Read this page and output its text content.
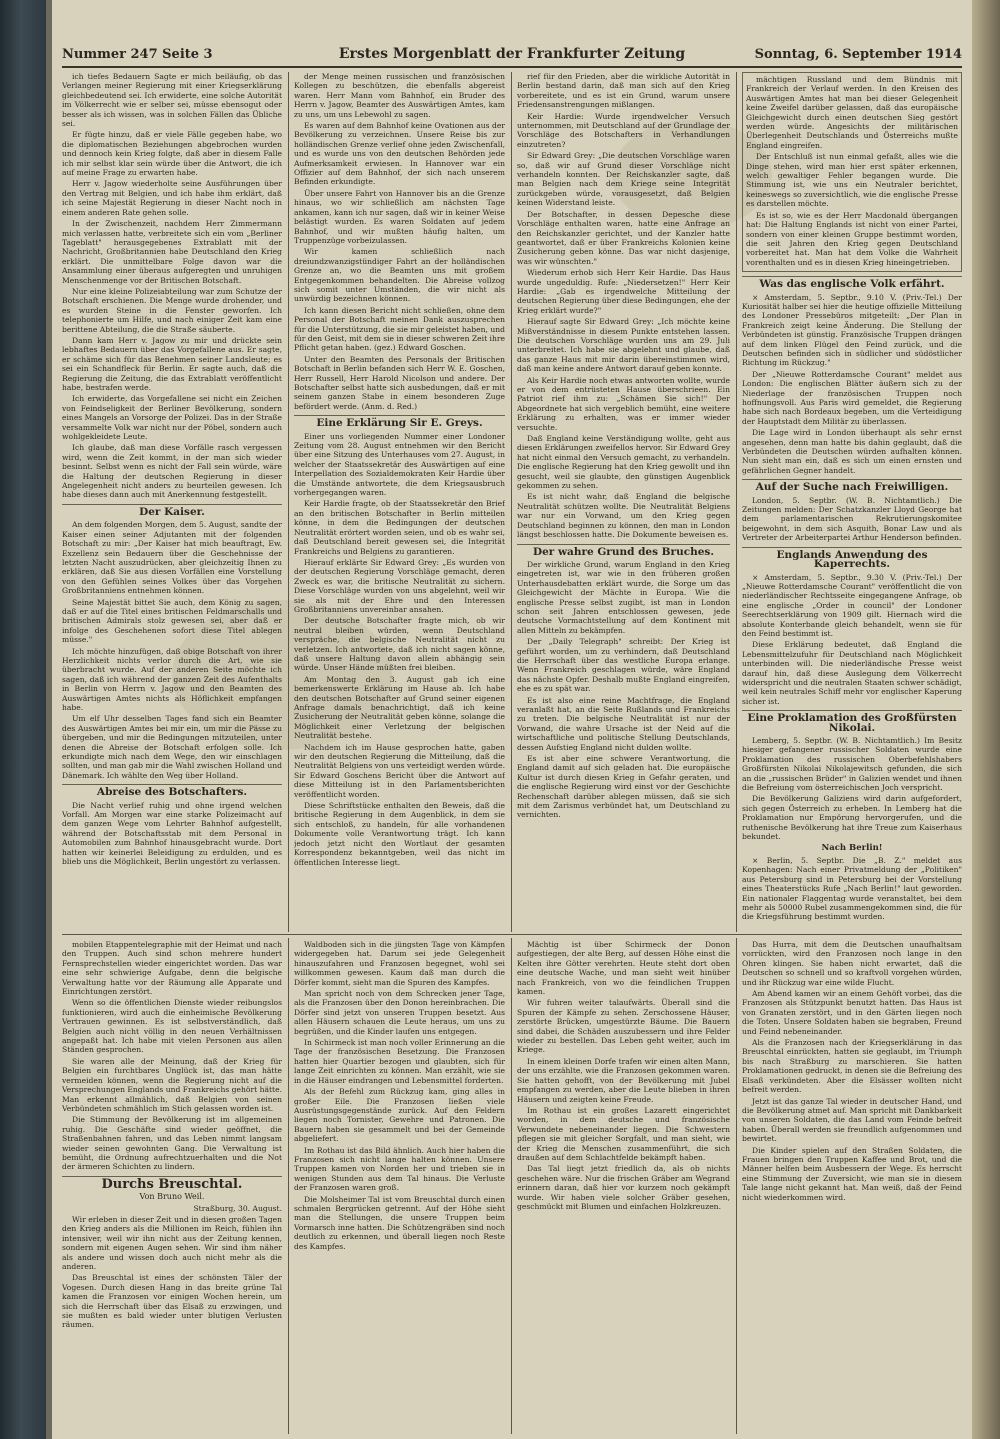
Nummer 247 Seite 3	Erstes Morgenblatt der Frankfurter Zeitung	Sonntag, 6. September 1914

ich tiefes Bedauern Sagte er mich beiläufig, ob das Verlangen meiner Regierung mit einer Kriegserklärung gleichbedeutend sei. Ich erwiderte, eine solche Autorität im Völkerrecht wie er selber sei, müsse ebensogut oder besser als ich wissen, was in solchen Fällen das Übliche sei.

Er fügte hinzu, daß er viele Fälle gegeben habe, wo die diplomatischen Beziehungen abgebrochen wurden und dennoch kein Krieg folgte, daß aber in diesem Falle ich mir selbst klar sein würde über die Antwort, die ich auf meine Frage zu erwarten habe.

Herr v. Jagow wiederholte seine Ausführungen über den Vertrag mit Belgien, und ich habe ihm erklärt, daß ich seine Majestät Regierung in dieser Nacht noch in einem anderen Rate gehen solle.

In der Zwischenzeit, nachdem Herr Zimmermann mich verlassen hatte, verbreitete sich ein vom „Berliner Tageblatt" herausgegebenes Extrablatt mit der Nachricht, Großbritannien habe Deutschland den Krieg erklärt. Die unmittelbare Folge davon war die Ansammlung einer überaus aufgeregten und unruhigen Menschenmenge vor der Britischen Botschaft.

Nur eine kleine Polizeiabteilung war zum Schutze der Botschaft erschienen. Die Menge wurde drohender, und es wurden Steine in die Fenster geworfen. Ich telephonierte um Hilfe, und nach einiger Zeit kam eine berittene Abteilung, die die Straße säuberte.

Dann kam Herr v. Jagow zu mir und drückte sein lebhaftes Bedauern über das Vorgefallene aus. Er sagte, er schäme sich für das Benehmen seiner Landsleute; es sei ein Schandfleck für Berlin. Er sagte auch, daß die Regierung die Zeitung, die das Extrablatt veröffentlicht habe, bestrafen werde.

Ich erwiderte, das Vorgefallene sei nicht ein Zeichen von Feindseligkeit der Berliner Bevölkerung, sondern eines Mangels an Vorsorge der Polizei. Das in der Straße versammelte Volk war nicht nur der Pöbel, sondern auch wohlgekleidete Leute.

Ich glaube, daß man diese Vorfälle rasch vergessen wird, wenn die Zeit kommt, in der man sich wieder besinnt. Selbst wenn es nicht der Fall sein würde, wäre die Haltung der deutschen Regierung in dieser Angelegenheit nicht anders zu beurteilen gewesen. Ich habe dieses dann auch mit Anerkennung festgestellt.

Der Kaiser.

An dem folgenden Morgen, dem 5. August, sandte der Kaiser einen seiner Adjutanten mit der folgenden Botschaft zu mir: „Der Kaiser hat mich beauftragt, Ew. Exzellenz sein Bedauern über die Geschehnisse der letzten Nacht auszudrücken, aber gleichzeitig Ihnen zu erklären, daß Sie aus diesen Vorfällen eine Vorstellung von den Gefühlen seines Volkes über das Vorgehen Großbritanniens entnehmen können.

Seine Majestät bittet Sie auch, dem König zu sagen, daß er auf die Titel eines britischen Feldmarschalls und britischen Admirals stolz gewesen sei, aber daß er infolge des Geschehenen sofort diese Titel ablegen müsse."

Ich möchte hinzufügen, daß obige Botschaft von ihrer Herzlichkeit nichts verlor durch die Art, wie sie überbracht wurde. Auf der anderen Seite möchte ich sagen, daß ich während der ganzen Zeit des Aufenthalts in Berlin von Herrn v. Jagow und den Beamten des Auswärtigen Amtes nichts als Höflichkeit empfangen habe.

Um elf Uhr desselben Tages fand sich ein Beamter des Auswärtigen Amtes bei mir ein, um mir die Pässe zu übergeben, und mir die Bedingungen mitzuteilen, unter denen die Abreise der Botschaft erfolgen solle. Ich erkundigte mich nach dem Wege, den wir einschlagen sollten, und man gab mir die Wahl zwischen Holland und Dänemark. Ich wählte den Weg über Holland.

Abreise des Botschafters.

Die Nacht verlief ruhig und ohne irgend welchen Vorfall. Am Morgen war eine starke Polizeimacht auf dem ganzen Wege vom Lehrter Bahnhof aufgestellt, während der Botschaftsstab mit dem Personal in Automobilen zum Bahnhof hinausgebracht wurde. Dort hatten wir keinerlei Beleidigung zu erdulden, und es blieb uns die Möglichkeit, Berlin ungestört zu verlassen.

der Menge meinen russischen und französischen Kollegen zu beschützen, die ebenfalls abgereist waren. Herr Mann vom Bahnhof, ein Bruder des Herrn v. Jagow, Beamter des Auswärtigen Amtes, kam zu uns, um uns Lebewohl zu sagen.

Es waren auf dem Bahnhof keine Ovationen aus der Bevölkerung zu verzeichnen. Unsere Reise bis zur holländischen Grenze verlief ohne jeden Zwischenfall, und es wurde uns von den deutschen Behörden jede Aufmerksamkeit erwiesen. In Hannover war ein Offizier auf dem Bahnhof, der sich nach unserem Befinden erkundigte.

Über unsere Fahrt von Hannover bis an die Grenze hinaus, wo wir schließlich am nächsten Tage ankamen, kann ich nur sagen, daß wir in keiner Weise belästigt wurden. Es waren Soldaten auf jedem Bahnhof, und wir mußten häufig halten, um Truppenzüge vorbeizulassen.

Wir kamen schließlich nach dreiundzwanzigstündiger Fahrt an der holländischen Grenze an, wo die Beamten uns mit großem Entgegenkommen behandelten. Die Abreise vollzog sich somit unter Umständen, die wir nicht als unwürdig bezeichnen können.

Ich kann diesen Bericht nicht schließen, ohne dem Personal der Botschaft meinen Dank auszusprechen für die Unterstützung, die sie mir geleistet haben, und für den Geist, mit dem sie in dieser schweren Zeit ihre Pflicht getan haben. (gez.) Edward Goschen.

Unter den Beamten des Personals der Britischen Botschaft in Berlin befanden sich Herr W. E. Goschen, Herr Russell, Herr Harold Nicolson und andere. Der Botschafter selbst hatte sich ausbedungen, daß er mit seinem ganzen Stabe in einem besonderen Zuge befördert werde. (Anm. d. Red.)

Eine Erklärung Sir E. Greys.

Einer uns vorliegenden Nummer einer Londoner Zeitung vom 28. August entnehmen wir den Bericht über eine Sitzung des Unterhauses vom 27. August, in welcher der Staatssekretär des Auswärtigen auf eine Interpellation des Sozialdemokraten Keir Hardie über die Umstände antwortete, die dem Kriegsausbruch vorhergegangen waren.

Keir Hardie fragte, ob der Staatssekretär den Brief an den britischen Botschafter in Berlin mitteilen könne, in dem die Bedingungen der deutschen Neutralität erörtert worden seien, und ob es wahr sei, daß Deutschland bereit gewesen sei, die Integrität Frankreichs und Belgiens zu garantieren.

Hierauf erklärte Sir Edward Grey: „Es wurden von der deutschen Regierung Vorschläge gemacht, deren Zweck es war, die britische Neutralität zu sichern. Diese Vorschläge wurden von uns abgelehnt, weil wir sie als mit der Ehre und den Interessen Großbritanniens unvereinbar ansahen.

Der deutsche Botschafter fragte mich, ob wir neutral bleiben würden, wenn Deutschland verspräche, die belgische Neutralität nicht zu verletzen. Ich antwortete, daß ich nicht sagen könne, daß unsere Haltung davon allein abhängig sein würde. Unser Hände müßten frei bleiben.

Am Montag den 3. August gab ich eine bemerkenswerte Erklärung im Hause ab. Ich habe den deutschen Botschafter auf Grund seiner eigenen Anfrage damals benachrichtigt, daß ich keine Zusicherung der Neutralität geben könne, solange die Möglichkeit einer Verletzung der belgischen Neutralität bestehe.

Nachdem ich im Hause gesprochen hatte, gaben wir den deutschen Regierung die Mitteilung, daß die Neutralität Belgiens von uns verteidigt werden würde. Sir Edward Goschens Bericht über die Antwort auf diese Mitteilung ist in den Parlamentsberichten veröffentlicht worden.

Diese Schriftstücke enthalten den Beweis, daß die britische Regierung in dem Augenblick, in dem sie sich entschloß, zu handeln, für alle vorhandenen Dokumente volle Verantwortung trägt. Ich kann jedoch jetzt nicht den Wortlaut der gesamten Korrespondenz bekanntgeben, weil das nicht im öffentlichen Interesse liegt.

rief für den Frieden, aber die wirkliche Autorität in Berlin bestand darin, daß man sich auf den Krieg vorbereitete, und es ist ein Grund, warum unsere Friedensanstrengungen mißlangen.

Keir Hardie: Wurde irgendwelcher Versuch unternommen, mit Deutschland auf der Grundlage der Vorschläge des Botschafters in Verhandlungen einzutreten?

Sir Edward Grey: „Die deutschen Vorschläge waren so, daß wir auf Grund dieser Vorschläge nicht verhandeln konnten. Der Reichskanzler sagte, daß man Belgien nach dem Kriege seine Integrität zurückgeben würde, vorausgesetzt, daß Belgien keinen Widerstand leiste.

Der Botschafter, in dessen Depesche diese Vorschläge enthalten waren, hatte eine Anfrage an den Reichskanzler gerichtet, und der Kanzler hatte geantwortet, daß er über Frankreichs Kolonien keine Zusicherung geben könne. Das war nicht dasjenige, was wir wünschten."

Wiederum erhob sich Herr Keir Hardie. Das Haus wurde ungeduldig. Rufe: „Niedersetzen!" Herr Keir Hardie: „Gab es irgendwelche Mitteilung der deutschen Regierung über diese Bedingungen, ehe der Krieg erklärt wurde?"

Hierauf sagte Sir Edward Grey: „Ich möchte keine Mißverständnisse in diesem Punkte entstehen lassen. Die deutschen Vorschläge wurden uns am 29. Juli unterbreitet. Ich habe sie abgelehnt und glaube, daß das ganze Haus mit mir darin übereinstimmen wird, daß man keine andere Antwort darauf geben konnte.

Als Keir Hardie noch etwas antworten wollte, wurde er von dem entrüsteten Hause überschrieen. Ein Patriot rief ihm zu: „Schämen Sie sich!" Der Abgeordnete hat sich vergeblich bemüht, eine weitere Erklärung zu erhalten, was er immer wieder versuchte.

Daß England keine Verständigung wollte, geht aus diesen Erklärungen zweifellos hervor. Sir Edward Grey hat nicht einmal den Versuch gemacht, zu verhandeln. Die englische Regierung hat den Krieg gewollt und ihn gesucht, weil sie glaubte, den günstigen Augenblick gekommen zu sehen.

Es ist nicht wahr, daß England die belgische Neutralität schützen wollte. Die Neutralität Belgiens war nur ein Vorwand, um den Krieg gegen Deutschland beginnen zu können, den man in London längst beschlossen hatte. Die Dokumente beweisen es.

Der wahre Grund des Bruches.

Der wirkliche Grund, warum England in den Krieg eingetreten ist, war wie in den früheren großen Unterhausdebatten erklärt wurde, die Sorge um das Gleichgewicht der Mächte in Europa. Wie die englische Presse selbst zugibt, ist man in London schon seit Jahren entschlossen gewesen, jede deutsche Vormachtstellung auf dem Kontinent mit allen Mitteln zu bekämpfen.

Der „Daily Telegraph" schreibt: Der Krieg ist geführt worden, um zu verhindern, daß Deutschland die Herrschaft über das westliche Europa erlange. Wenn Frankreich geschlagen würde, wäre England das nächste Opfer. Deshalb mußte England eingreifen, ehe es zu spät war.

Es ist also eine reine Machtfrage, die England veranlaßt hat, an die Seite Rußlands und Frankreichs zu treten. Die belgische Neutralität ist nur der Vorwand, die wahre Ursache ist der Neid auf die wirtschaftliche und politische Stellung Deutschlands, dessen Aufstieg England nicht dulden wollte.

Es ist aber eine schwere Verantwortung, die England damit auf sich geladen hat. Die europäische Kultur ist durch diesen Krieg in Gefahr geraten, und die englische Regierung wird einst vor der Geschichte Rechenschaft darüber ablegen müssen, daß sie sich mit dem Zarismus verbündet hat, um Deutschland zu vernichten.

mächtigen Russland und dem Bündnis mit Frankreich der Verlauf werden. In den Kreisen des Auswärtigen Amtes hat man bei dieser Gelegenheit keine Zweifel darüber gelassen, daß das europäische Gleichgewicht durch einen deutschen Sieg gestört werden würde. Angesichts der militärischen Überlegenheit Deutschlands und Österreichs mußte England eingreifen.

Der Entschluß ist nun einmal gefaßt, alles wie die Dinge stehen, wird man hier erst später erkennen, welch gewaltiger Fehler begangen wurde. Die Stimmung ist, wie uns ein Neutraler berichtet, keineswegs so zuversichtlich, wie die englische Presse es darstellen möchte.

Es ist so, wie es der Herr Macdonald übergangen hat: Die Haltung Englands ist nicht von einer Partei, sondern von einer kleinen Gruppe bestimmt worden, die seit Jahren den Krieg gegen Deutschland vorbereitet hat. Man hat dem Volke die Wahrheit vorenthalten und es in diesen Krieg hineingetrieben.

Was das englische Volk erfährt.

× Amsterdam, 5. Septbr., 9.10 V. (Priv.-Tel.) Der Kuriosität halber sei hier die heutige offizielle Mitteilung des Londoner Pressebüros mitgeteilt: „Der Plan in Frankreich zeigt keine Änderung. Die Stellung der Verbündeten ist günstig. Französische Truppen drängen auf dem linken Flügel den Feind zurück, und die Deutschen befinden sich in südlicher und südöstlicher Richtung im Rückzug."

Der „Nieuwe Rotterdamsche Courant" meldet aus London: Die englischen Blätter äußern sich zu der Niederlage der französischen Truppen noch hoffnungsvoll. Aus Paris wird gemeldet, die Regierung habe sich nach Bordeaux begeben, um die Verteidigung der Hauptstadt dem Militär zu überlassen.

Die Lage wird in London überhaupt als sehr ernst angesehen, denn man hatte bis dahin geglaubt, daß die Verbündeten die Deutschen würden aufhalten können. Nun sieht man ein, daß es sich um einen ernsten und gefährlichen Gegner handelt.

Auf der Suche nach Freiwilligen.

London, 5. Septbr. (W. B. Nichtamtlich.) Die Zeitungen melden: Der Schatzkanzler Lloyd George hat dem parlamentarischen Rekrutierungskomitee beigewohnt, in dem sich Asquith, Bonar Law und als Vertreter der Arbeiterpartei Arthur Henderson befinden.

Englands Anwendung des Kaperrechts.

× Amsterdam, 5. Septbr., 9.30 V. (Priv.-Tel.) Der „Nieuwe Rotterdamsche Courant" veröffentlicht die von niederländischer Rechtsseite eingegangene Anfrage, ob eine englische „Order in council" der Londoner Seerechtserklärung von 1909 gilt. Hiernach wird die absolute Konterbande gleich behandelt, wenn sie für den Feind bestimmt ist.

Diese Erklärung bedeutet, daß England die Lebensmittelzufuhr für Deutschland nach Möglichkeit unterbinden will. Die niederländische Presse weist darauf hin, daß diese Auslegung dem Völkerrecht widerspricht und die neutralen Staaten schwer schädigt, weil kein neutrales Schiff mehr vor englischer Kaperung sicher ist.

Eine Proklamation des Großfürsten Nikolai.

Lemberg, 5. Septbr. (W. B. Nichtamtlich.) Im Besitz hiesiger gefangener russischer Soldaten wurde eine Proklamation des russischen Oberbefehlshabers Großfürsten Nikolai Nikolajewitsch gefunden, die sich an die „russischen Brüder" in Galizien wendet und ihnen die Befreiung vom österreichischen Joch verspricht.

Die Bevölkerung Galiziens wird darin aufgefordert, sich gegen Österreich zu erheben. In Lemberg hat die Proklamation nur Empörung hervorgerufen, und die ruthenische Bevölkerung hat ihre Treue zum Kaiserhaus bekundet.

Nach Berlin!

× Berlin, 5. Septbr. Die „B. Z." meldet aus Kopenhagen: Nach einer Privatmeldung der „Politiken" aus Petersburg sind in Petersburg bei der Vorstellung eines Theaterstücks Rufe „Nach Berlin!" laut geworden. Ein nationaler Flaggentag wurde veranstaltet, bei dem mehr als 50000 Rubel zusammengekommen sind, die für die Kriegsführung bestimmt wurden.

mobilen Etappentelegraphie mit der Heimat und nach den Truppen. Auch sind schon mehrere hundert Fernsprechstellen wieder eingerichtet worden. Das war eine sehr schwierige Aufgabe, denn die belgische Verwaltung hatte vor der Räumung alle Apparate und Einrichtungen zerstört.

Wenn so die öffentlichen Dienste wieder reibungslos funktionieren, wird auch die einheimische Bevölkerung Vertrauen gewinnen. Es ist selbstverständlich, daß Belgien auch nicht völlig in den neuen Verhältnissen angepaßt hat. Ich habe mit vielen Personen aus allen Ständen gesprochen.

Sie waren alle der Meinung, daß der Krieg für Belgien ein furchtbares Unglück ist, das man hätte vermeiden können, wenn die Regierung nicht auf die Versprechungen Englands und Frankreichs gehört hätte. Man erkennt allmählich, daß Belgien von seinen Verbündeten schmählich im Stich gelassen worden ist.

Die Stimmung der Bevölkerung ist im allgemeinen ruhig. Die Geschäfte sind wieder geöffnet, die Straßenbahnen fahren, und das Leben nimmt langsam wieder seinen gewohnten Gang. Die Verwaltung ist bemüht, die Ordnung aufrechtzuerhalten und die Not der ärmeren Schichten zu lindern.

Durchs Breuschtal.
Von Bruno Weil.
Straßburg, 30. August.

Wir erleben in dieser Zeit und in diesen großen Tagen den Krieg anders als die Millionen im Reich, fühlen ihn intensiver, weil wir ihn nicht aus der Zeitung kennen, sondern mit eigenen Augen sehen. Wir sind ihm näher als andere und wissen doch auch nicht mehr als die anderen.

Das Breuschtal ist eines der schönsten Täler der Vogesen. Durch diesen Hang in das breite grüne Tal kamen die Franzosen vor einigen Wochen herein, um sich die Herrschaft über das Elsaß zu erzwingen, und sie mußten es bald wieder unter blutigen Verlusten räumen.

Waldboden sich in die jüngsten Tage von Kämpfen widergegeben hat. Darum sei jede Gelegenheit hinauszufahren und Franzosen begegnet, wohl sei willkommen gewesen. Kaum daß man durch die Dörfer kommt, sieht man die Spuren des Kampfes.

Man spricht noch von dem Schrecken jener Tage, als die Franzosen über den Donon hereinbrachen. Die Dörfer sind jetzt von unseren Truppen besetzt. Aus allen Häusern schauen die Leute heraus, um uns zu begrüßen, und die Kinder laufen uns entgegen.

In Schirmeck ist man noch voller Erinnerung an die Tage der französischen Besetzung. Die Franzosen hatten hier Quartier bezogen und glaubten, sich für lange Zeit einrichten zu können. Man erzählt, wie sie in die Häuser eindrangen und Lebensmittel forderten.

Als der Befehl zum Rückzug kam, ging alles in großer Eile. Die Franzosen ließen viele Ausrüstungsgegenstände zurück. Auf den Feldern liegen noch Tornister, Gewehre und Patronen. Die Bauern haben sie gesammelt und bei der Gemeinde abgeliefert.

Im Rothau ist das Bild ähnlich. Auch hier haben die Franzosen sich nicht lange halten können. Unsere Truppen kamen von Norden her und trieben sie in wenigen Stunden aus dem Tal hinaus. Die Verluste der Franzosen waren groß.

Die Molsheimer Tal ist vom Breuschtal durch einen schmalen Bergrücken getrennt. Auf der Höhe sieht man die Stellungen, die unsere Truppen beim Vormarsch inne hatten. Die Schützengräben sind noch deutlich zu erkennen, und überall liegen noch Reste des Kampfes.

Mächtig ist über Schirmeck der Donon aufgestiegen, der alte Berg, auf dessen Höhe einst die Kelten ihre Götter verehrten. Heute steht dort oben eine deutsche Wache, und man sieht weit hinüber nach Frankreich, von wo die feindlichen Truppen kamen.

Wir fuhren weiter talaufwärts. Überall sind die Spuren der Kämpfe zu sehen. Zerschossene Häuser, zerstörte Brücken, umgestürzte Bäume. Die Bauern sind dabei, die Schäden auszubessern und ihre Felder wieder zu bestellen. Das Leben geht weiter, auch im Kriege.

In einem kleinen Dorfe trafen wir einen alten Mann, der uns erzählte, wie die Franzosen gekommen waren. Sie hatten gehofft, von der Bevölkerung mit Jubel empfangen zu werden, aber die Leute blieben in ihren Häusern und zeigten keine Freude.

Im Rothau ist ein großes Lazarett eingerichtet worden, in dem deutsche und französische Verwundete nebeneinander liegen. Die Schwestern pflegen sie mit gleicher Sorgfalt, und man sieht, wie der Krieg die Menschen zusammenführt, die sich draußen auf dem Schlachtfelde bekämpft haben.

Das Tal liegt jetzt friedlich da, als ob nichts geschehen wäre. Nur die frischen Gräber am Wegrand erinnern daran, daß hier vor kurzem noch gekämpft wurde. Wir haben viele solcher Gräber gesehen, geschmückt mit Blumen und einfachen Holzkreuzen.

Das Hurra, mit dem die Deutschen unaufhaltsam vorrückten, wird den Franzosen noch lange in den Ohren klingen. Sie haben nicht erwartet, daß die Deutschen so schnell und so kraftvoll vorgehen würden, und ihr Rückzug war eine wilde Flucht.

Am Abend kamen wir an einem Gehöft vorbei, das die Franzosen als Stützpunkt benutzt hatten. Das Haus ist von Granaten zerstört, und in den Gärten liegen noch die Toten. Unsere Soldaten haben sie begraben, Freund und Feind nebeneinander.

Als die Franzosen nach der Kriegserklärung in das Breuschtal einrückten, hatten sie geglaubt, im Triumph bis nach Straßburg zu marschieren. Sie hatten Proklamationen gedruckt, in denen sie die Befreiung des Elsaß verkündeten. Aber die Elsässer wollten nicht befreit werden.

Jetzt ist das ganze Tal wieder in deutscher Hand, und die Bevölkerung atmet auf. Man spricht mit Dankbarkeit von unseren Soldaten, die das Land vom Feinde befreit haben. Überall werden sie freundlich aufgenommen und bewirtet.

Die Kinder spielen auf den Straßen Soldaten, die Frauen bringen den Truppen Kaffee und Brot, und die Männer helfen beim Ausbessern der Wege. Es herrscht eine Stimmung der Zuversicht, wie man sie in diesem Tale lange nicht gekannt hat. Man weiß, daß der Feind nicht wiederkommen wird.
